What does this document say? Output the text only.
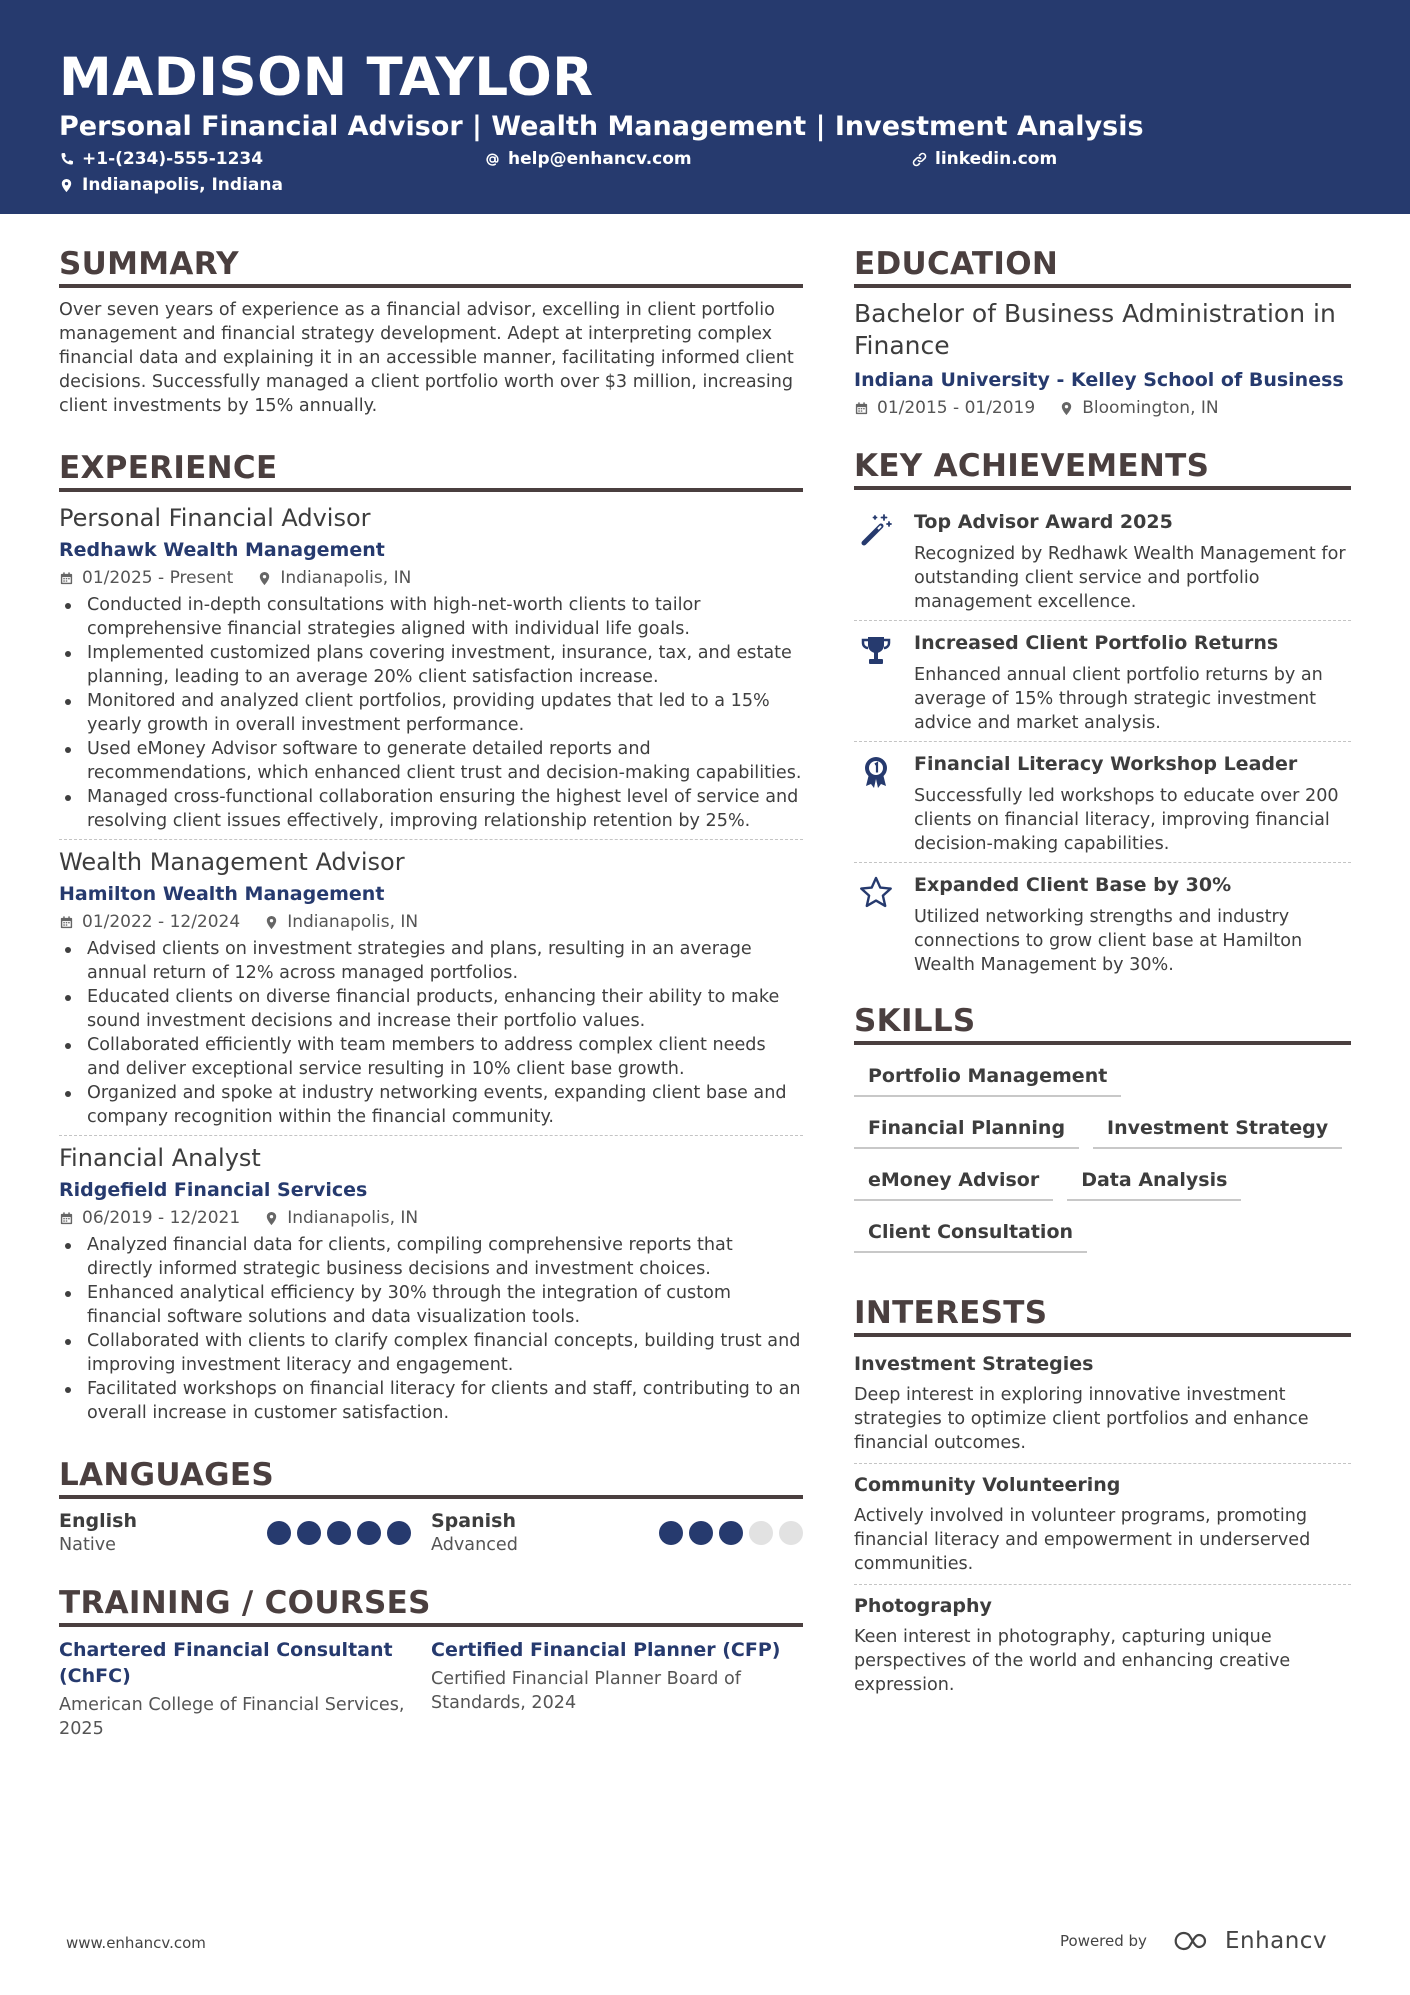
MADISON TAYLOR
Personal Financial Advisor | Wealth Management | Investment Analysis
+1-(234)-555-1234	help@enhancv.com	linkedin.com
Indianapolis, Indiana
SUMMARY

Over seven years of experience as a financial advisor, excelling in client portfolio management and financial strategy development. Adept at interpreting complex financial data and explaining it in an accessible manner, facilitating informed client decisions. Successfully managed a client portfolio worth over $3 million, increasing client investments by 15% annually.

EXPERIENCE
Personal Financial Advisor
Redhawk Wealth Management
01/2025 - Present	Indianapolis, IN
Conducted in-depth consultations with high-net-worth clients to tailor comprehensive financial strategies aligned with individual life goals.
Implemented customized plans covering investment, insurance, tax, and estate planning, leading to an average 20% client satisfaction increase.
Monitored and analyzed client portfolios, providing updates that led to a 15% yearly growth in overall investment performance.
Used eMoney Advisor software to generate detailed reports and recommendations, which enhanced client trust and decision-making capabilities.
Managed cross-functional collaboration ensuring the highest level of service and resolving client issues effectively, improving relationship retention by 25%.
Wealth Management Advisor
Hamilton Wealth Management
01/2022 - 12/2024	Indianapolis, IN
Advised clients on investment strategies and plans, resulting in an average annual return of 12% across managed portfolios.
Educated clients on diverse financial products, enhancing their ability to make sound investment decisions and increase their portfolio values.
Collaborated efficiently with team members to address complex client needs and deliver exceptional service resulting in 10% client base growth.
Organized and spoke at industry networking events, expanding client base and company recognition within the financial community.
Financial Analyst
Ridgefield Financial Services
06/2019 - 12/2021	Indianapolis, IN
Analyzed financial data for clients, compiling comprehensive reports that directly informed strategic business decisions and investment choices.
Enhanced analytical efficiency by 30% through the integration of custom financial software solutions and data visualization tools.
Collaborated with clients to clarify complex financial concepts, building trust and improving investment literacy and engagement.
Facilitated workshops on financial literacy for clients and staff, contributing to an overall increase in customer satisfaction.
LANGUAGES
English
Native
Spanish
Advanced
TRAINING / COURSES
Chartered Financial Consultant (ChFC)
American College of Financial Services, 2025
Certified Financial Planner (CFP)
Certified Financial Planner Board of Standards, 2024
EDUCATION
Bachelor of Business Administration in Finance
Indiana University - Kelley School of Business
01/2015 - 01/2019	Bloomington, IN
KEY ACHIEVEMENTS
Top Advisor Award 2025
Recognized by Redhawk Wealth Management for outstanding client service and portfolio management excellence.
Increased Client Portfolio Returns
Enhanced annual client portfolio returns by an average of 15% through strategic investment advice and market analysis.
Financial Literacy Workshop Leader
Successfully led workshops to educate over 200 clients on financial literacy, improving financial decision-making capabilities.
Expanded Client Base by 30%
Utilized networking strengths and industry connections to grow client base at Hamilton Wealth Management by 30%.
SKILLS
Portfolio Management
Financial Planning	Investment Strategy
eMoney Advisor	Data Analysis
Client Consultation
INTERESTS
Investment Strategies
Deep interest in exploring innovative investment strategies to optimize client portfolios and enhance financial outcomes.
Community Volunteering
Actively involved in volunteer programs, promoting financial literacy and empowerment in underserved communities.
Photography
Keen interest in photography, capturing unique perspectives of the world and enhancing creative expression.
www.enhancv.com	Powered by	Enhancv
